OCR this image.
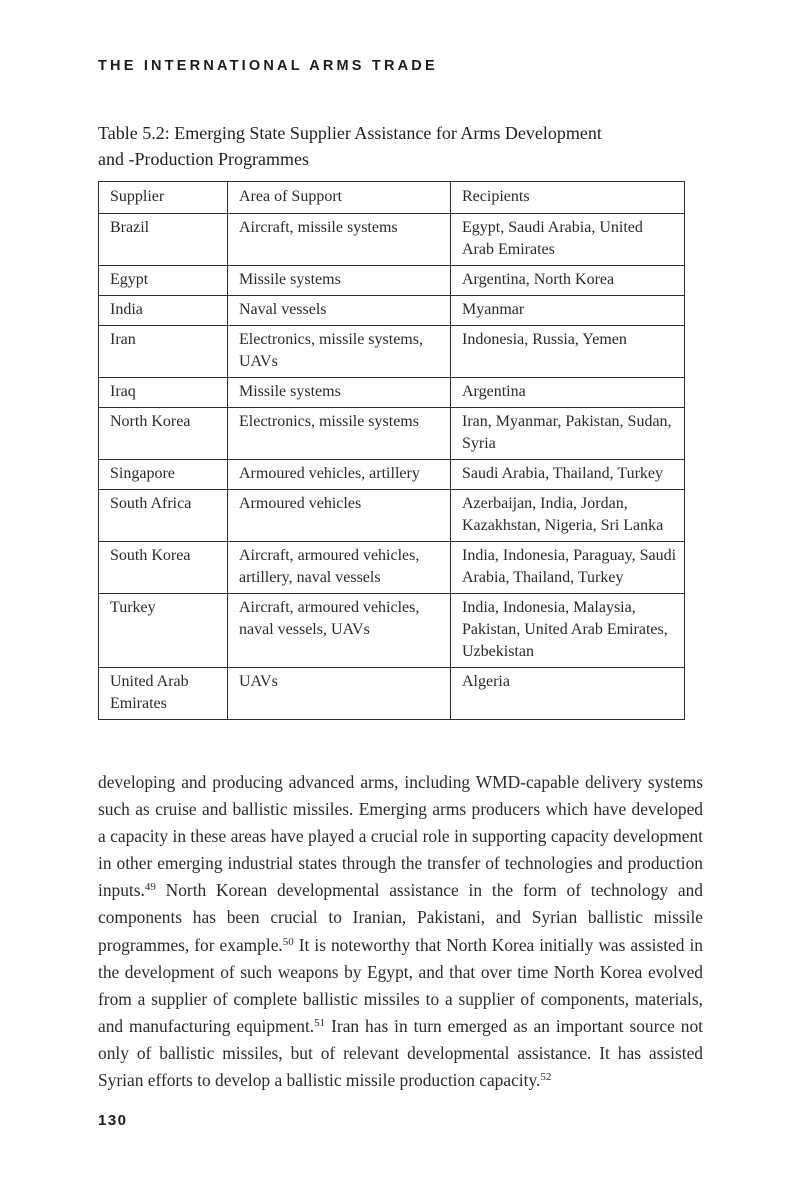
THE INTERNATIONAL ARMS TRADE
Table 5.2: Emerging State Supplier Assistance for Arms Development
and -Production Programmes
Supplier	Area of Support	Recipients
Brazil	Aircraft, missile systems	Egypt, Saudi Arabia, United Arab Emirates
Egypt	Missile systems	Argentina, North Korea
India	Naval vessels	Myanmar
Iran	Electronics, missile systems, UAVs	Indonesia, Russia, Yemen
Iraq	Missile systems	Argentina
North Korea	Electronics, missile systems	Iran, Myanmar, Pakistan, Sudan, Syria
Singapore	Armoured vehicles, artillery	Saudi Arabia, Thailand, Turkey
South Africa	Armoured vehicles	Azerbaijan, India, Jordan, Kazakhstan, Nigeria, Sri Lanka
South Korea	Aircraft, armoured vehicles, artillery, naval vessels	India, Indonesia, Paraguay, Saudi Arabia, Thailand, Turkey
Turkey	Aircraft, armoured vehicles, naval vessels, UAVs	India, Indonesia, Malaysia, Pakistan, United Arab Emirates, Uzbekistan
United Arab Emirates	UAVs	Algeria

developing and producing advanced arms, including WMD-capable delivery systems such as cruise and ballistic missiles. Emerging arms producers which have developed a capacity in these areas have played a crucial role in supporting capacity development in other emerging industrial states through the transfer of technologies and production inputs.$^{49}$ North Korean developmental assistance in the form of technology and components has been crucial to Iranian, Pakistani, and Syrian ballistic missile programmes, for example.$^{50}$ It is noteworthy that North Korea initially was assisted in the development of such weapons by Egypt, and that over time North Korea evolved from a supplier of complete ballistic missiles to a supplier of components, materials, and manufacturing equipment.$^{51}$ Iran has in turn emerged as an important source not only of ballistic missiles, but of relevant developmental assistance. It has assisted Syrian efforts to develop a ballistic missile production capacity.$^{52}$

130
